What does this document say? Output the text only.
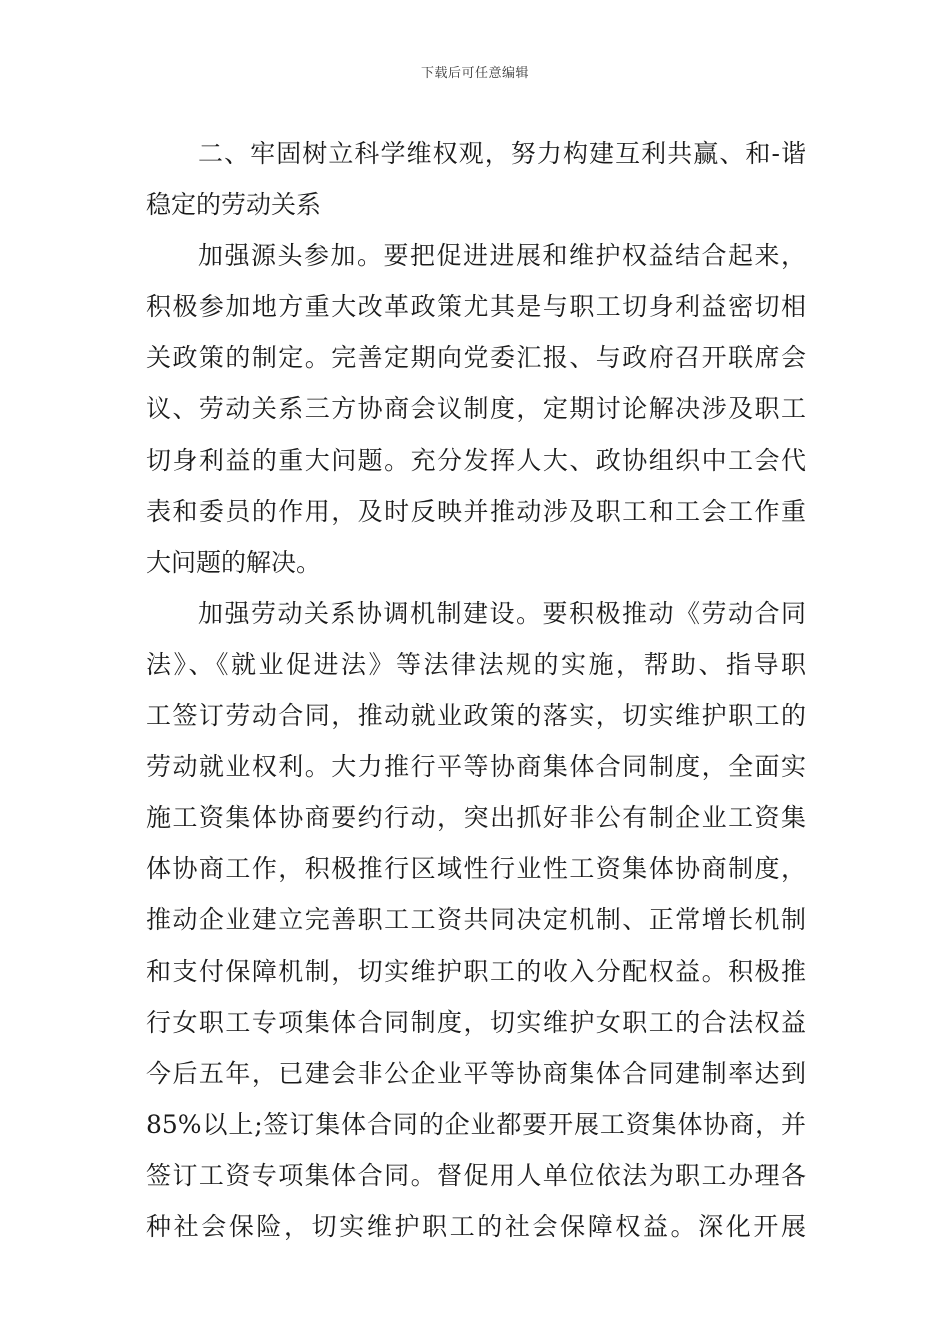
下载后可任意编辑
二、牢固树立科学维权观，努力构建互利共赢、和-谐
稳定的劳动关系
加强源头参加。要把促进进展和维护权益结合起来，
积极参加地方重大改革政策尤其是与职工切身利益密切相
关政策的制定。完善定期向党委汇报、与政府召开联席会
议、劳动关系三方协商会议制度，定期讨论解决涉及职工
切身利益的重大问题。充分发挥人大、政协组织中工会代
表和委员的作用，及时反映并推动涉及职工和工会工作重
大问题的解决。
加强劳动关系协调机制建设。要积极推动《劳动合同
法》、《就业促进法》等法律法规的实施，帮助、指导职
工签订劳动合同，推动就业政策的落实，切实维护职工的
劳动就业权利。大力推行平等协商集体合同制度，全面实
施工资集体协商要约行动，突出抓好非公有制企业工资集
体协商工作，积极推行区域性行业性工资集体协商制度，
推动企业建立完善职工工资共同决定机制、正常增长机制
和支付保障机制，切实维护职工的收入分配权益。积极推
行女职工专项集体合同制度，切实维护女职工的合法权益
今后五年，已建会非公企业平等协商集体合同建制率达到
85%以上;签订集体合同的企业都要开展工资集体协商，并
签订工资专项集体合同。督促用人单位依法为职工办理各
种社会保险，切实维护职工的社会保障权益。深化开展
